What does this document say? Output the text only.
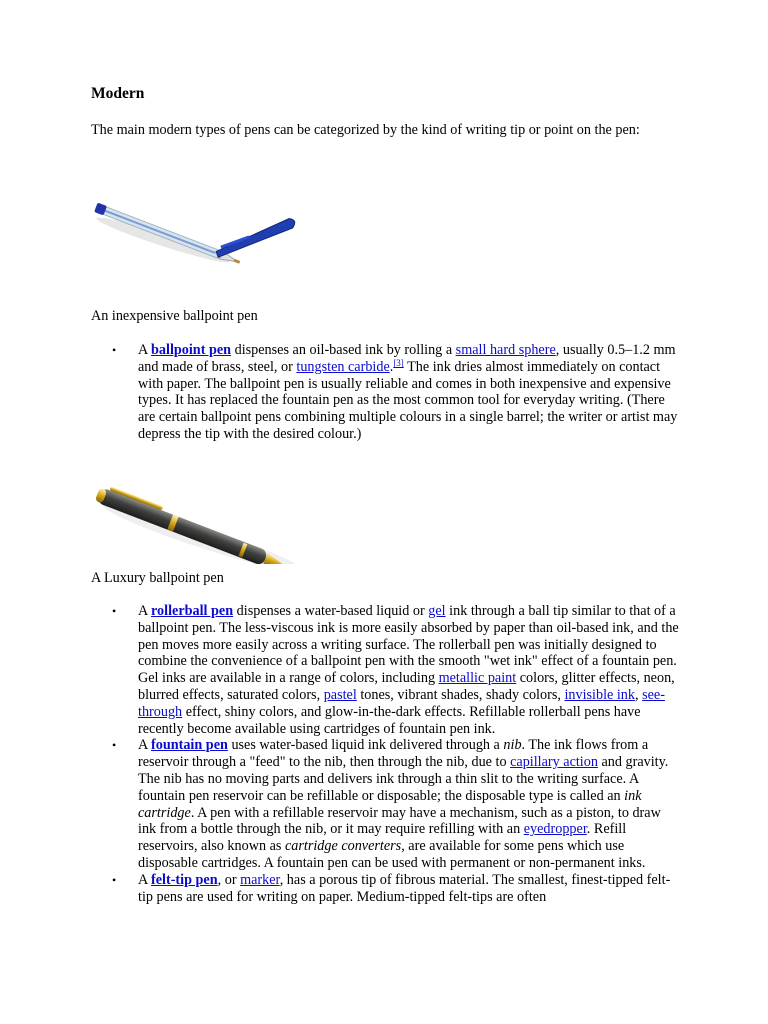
Modern

The main modern types of pens can be categorized by the kind of writing tip or point on the pen:

An inexpensive ballpoint pen

• A ballpoint pen dispenses an oil-based ink by rolling a small hard sphere, usually 0.5–1.2 mm and made of brass, steel, or tungsten carbide.[3] The ink dries almost immediately on contact with paper. The ballpoint pen is usually reliable and comes in both inexpensive and expensive types. It has replaced the fountain pen as the most common tool for everyday writing. (There are certain ballpoint pens combining multiple colours in a single barrel; the writer or artist may depress the tip with the desired colour.)

A Luxury ballpoint pen

• A rollerball pen dispenses a water-based liquid or gel ink through a ball tip similar to that of a ballpoint pen. The less-viscous ink is more easily absorbed by paper than oil-based ink, and the pen moves more easily across a writing surface. The rollerball pen was initially designed to combine the convenience of a ballpoint pen with the smooth "wet ink" effect of a fountain pen. Gel inks are available in a range of colors, including metallic paint colors, glitter effects, neon, blurred effects, saturated colors, pastel tones, vibrant shades, shady colors, invisible ink, see-through effect, shiny colors, and glow-in-the-dark effects. Refillable rollerball pens have recently become available using cartridges of fountain pen ink.
• A fountain pen uses water-based liquid ink delivered through a nib. The ink flows from a reservoir through a "feed" to the nib, then through the nib, due to capillary action and gravity. The nib has no moving parts and delivers ink through a thin slit to the writing surface. A fountain pen reservoir can be refillable or disposable; the disposable type is called an ink cartridge. A pen with a refillable reservoir may have a mechanism, such as a piston, to draw ink from a bottle through the nib, or it may require refilling with an eyedropper. Refill reservoirs, also known as cartridge converters, are available for some pens which use disposable cartridges. A fountain pen can be used with permanent or non-permanent inks.
• A felt-tip pen, or marker, has a porous tip of fibrous material. The smallest, finest-tipped felt-tip pens are used for writing on paper. Medium-tipped felt-tips are often
